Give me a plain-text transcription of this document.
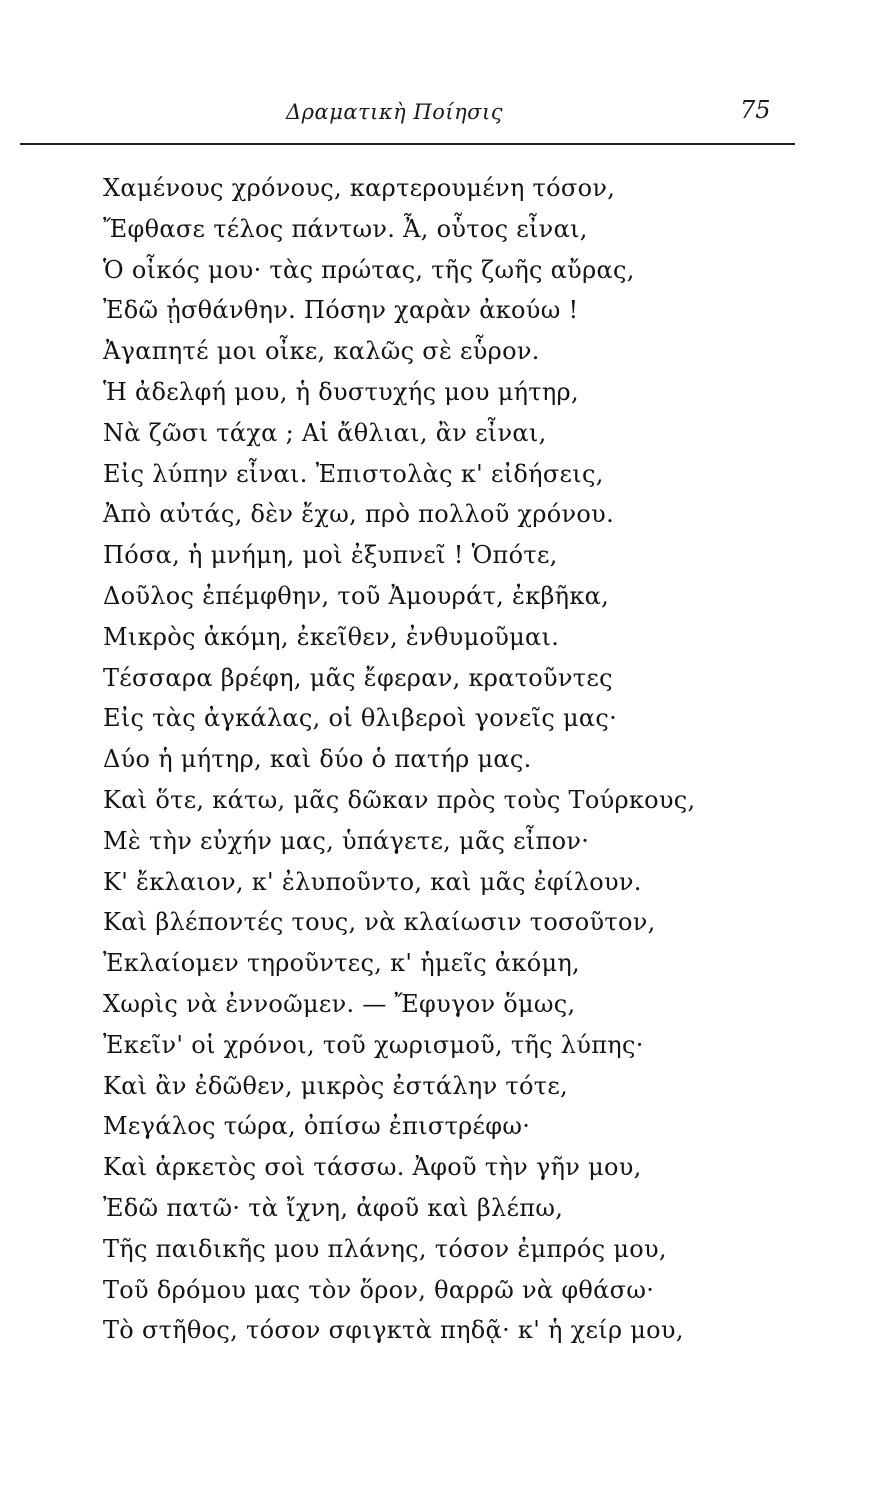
Δραματικὴ Ποίησις	75
Χαμένους χρόνους, καρτερουμένη τόσον,
Ἔφθασε τέλος πάντων. Ἆ, οὗτος εἶναι,
Ὁ οἶκός μου· τὰς πρώτας, τῆς ζωῆς αὔρας,
Ἐδῶ ᾐσθάνθην. Πόσην χαρὰν ἀκούω !
Ἀγαπητέ μοι οἶκε, καλῶς σὲ εὗρον.
Ἡ ἀδελφή μου, ἡ δυστυχής μου μήτηρ,
Νὰ ζῶσι τάχα ; Αἱ ἄθλιαι, ἂν εἶναι,
Εἰς λύπην εἶναι. Ἐπιστολὰς κ' εἰδήσεις,
Ἀπὸ αὐτάς, δὲν ἔχω, πρὸ πολλοῦ χρόνου.
Πόσα, ἡ μνήμη, μοὶ ἐξυπνεῖ ! Ὁπότε,
Δοῦλος ἐπέμφθην, τοῦ Ἀμουράτ, ἐκβῆκα,
Μικρὸς ἀκόμη, ἐκεῖθεν, ἐνθυμοῦμαι.
Τέσσαρα βρέφη, μᾶς ἔφεραν, κρατοῦντες
Εἰς τὰς ἀγκάλας, οἱ θλιβεροὶ γονεῖς μας·
Δύο ἡ μήτηρ, καὶ δύο ὁ πατήρ μας.
Καὶ ὅτε, κάτω, μᾶς δῶκαν πρὸς τοὺς Τούρκους,
Μὲ τὴν εὐχήν μας, ὑπάγετε, μᾶς εἶπον·
Κ' ἔκλαιον, κ' ἐλυποῦντο, καὶ μᾶς ἐφίλουν.
Καὶ βλέποντές τους, νὰ κλαίωσιν τοσοῦτον,
Ἐκλαίομεν τηροῦντες, κ' ἡμεῖς ἀκόμη,
Χωρὶς νὰ ἐννοῶμεν. — Ἔφυγον ὅμως,
Ἐκεῖν' οἱ χρόνοι, τοῦ χωρισμοῦ, τῆς λύπης·
Καὶ ἂν ἐδῶθεν, μικρὸς ἐστάλην τότε,
Μεγάλος τώρα, ὀπίσω ἐπιστρέφω·
Καὶ ἀρκετὸς σοὶ τάσσω. Ἀφοῦ τὴν γῆν μου,
Ἐδῶ πατῶ· τὰ ἴχνη, ἀφοῦ καὶ βλέπω,
Τῆς παιδικῆς μου πλάνης, τόσον ἐμπρός μου,
Τοῦ δρόμου μας τὸν ὅρον, θαρρῶ νὰ φθάσω·
Τὸ στῆθος, τόσον σφιγκτὰ πηδᾷ· κ' ἡ χείρ μου,
